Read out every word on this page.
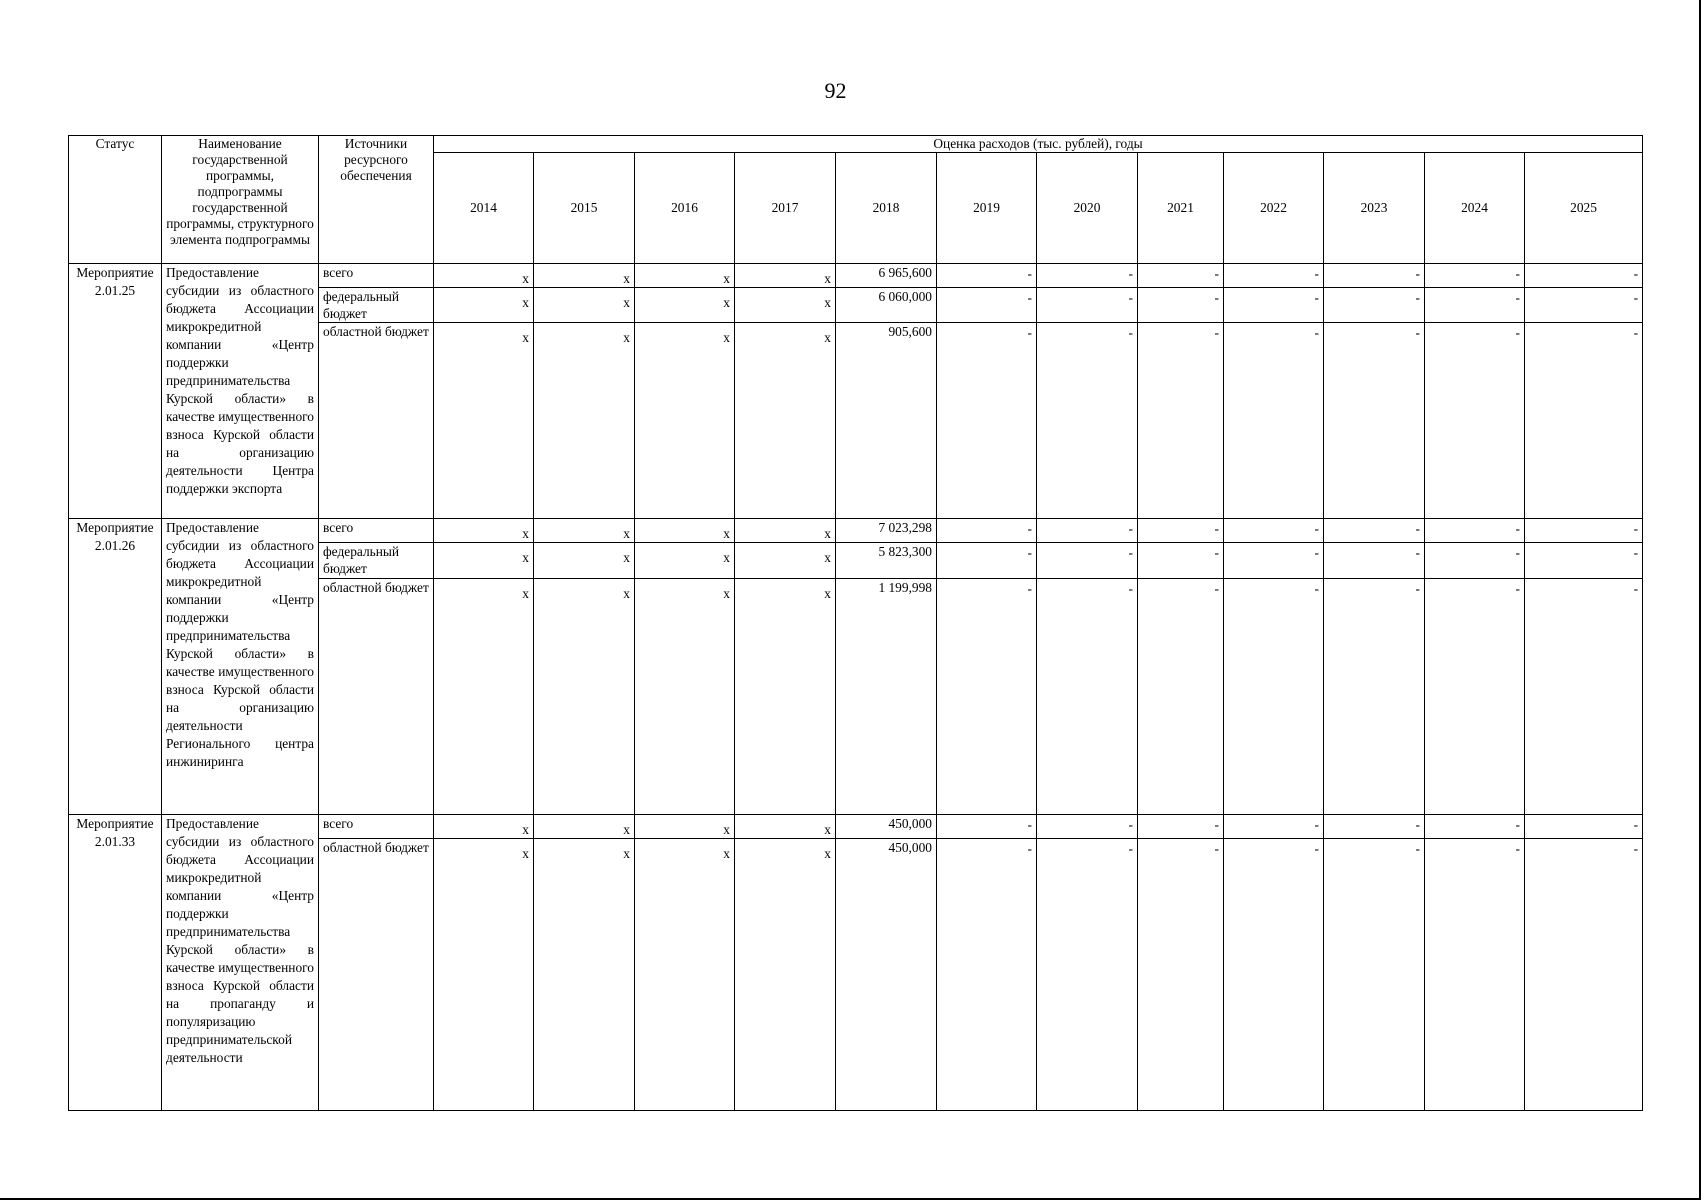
92
Статус	Наименование государственной программы, подпрограммы государственной программы, структурного элемента подпрограммы	Источники ресурсного обеспечения	Оценка расходов (тыс. рублей), годы											
			2014	2015	2016	2017	2018	2019	2020	2021	2022	2023	2024	2025
Мероприятие 2.01.25	Предоставление субсидии из областного бюджета Ассоциации микрокредитной компании «Центр поддержки предпринимательства Курской области» в качестве имущественного взноса Курской области на организацию деятельности Центра поддержки экспорта	всего	x	x	x	x	6 965,600	-	-	-	-	-	-	-
		федеральный бюджет	x	x	x	x	6 060,000	-	-	-	-	-	-	-
		областной бюджет	x	x	x	x	905,600	-	-	-	-	-	-	-
Мероприятие 2.01.26	Предоставление субсидии из областного бюджета Ассоциации микрокредитной компании «Центр поддержки предпринимательства Курской области» в качестве имущественного взноса Курской области на организацию деятельности Регионального центра инжиниринга	всего	x	x	x	x	7 023,298	-	-	-	-	-	-	-
		федеральный бюджет	x	x	x	x	5 823,300	-	-	-	-	-	-	-
		областной бюджет	x	x	x	x	1 199,998	-	-	-	-	-	-	-
Мероприятие 2.01.33	Предоставление субсидии из областного бюджета Ассоциации микрокредитной компании «Центр поддержки предпринимательства Курской области» в качестве имущественного взноса Курской области на пропаганду и популяризацию предпринимательской деятельности	всего	x	x	x	x	450,000	-	-	-	-	-	-	-
		областной бюджет	x	x	x	x	450,000	-	-	-	-	-	-	-
